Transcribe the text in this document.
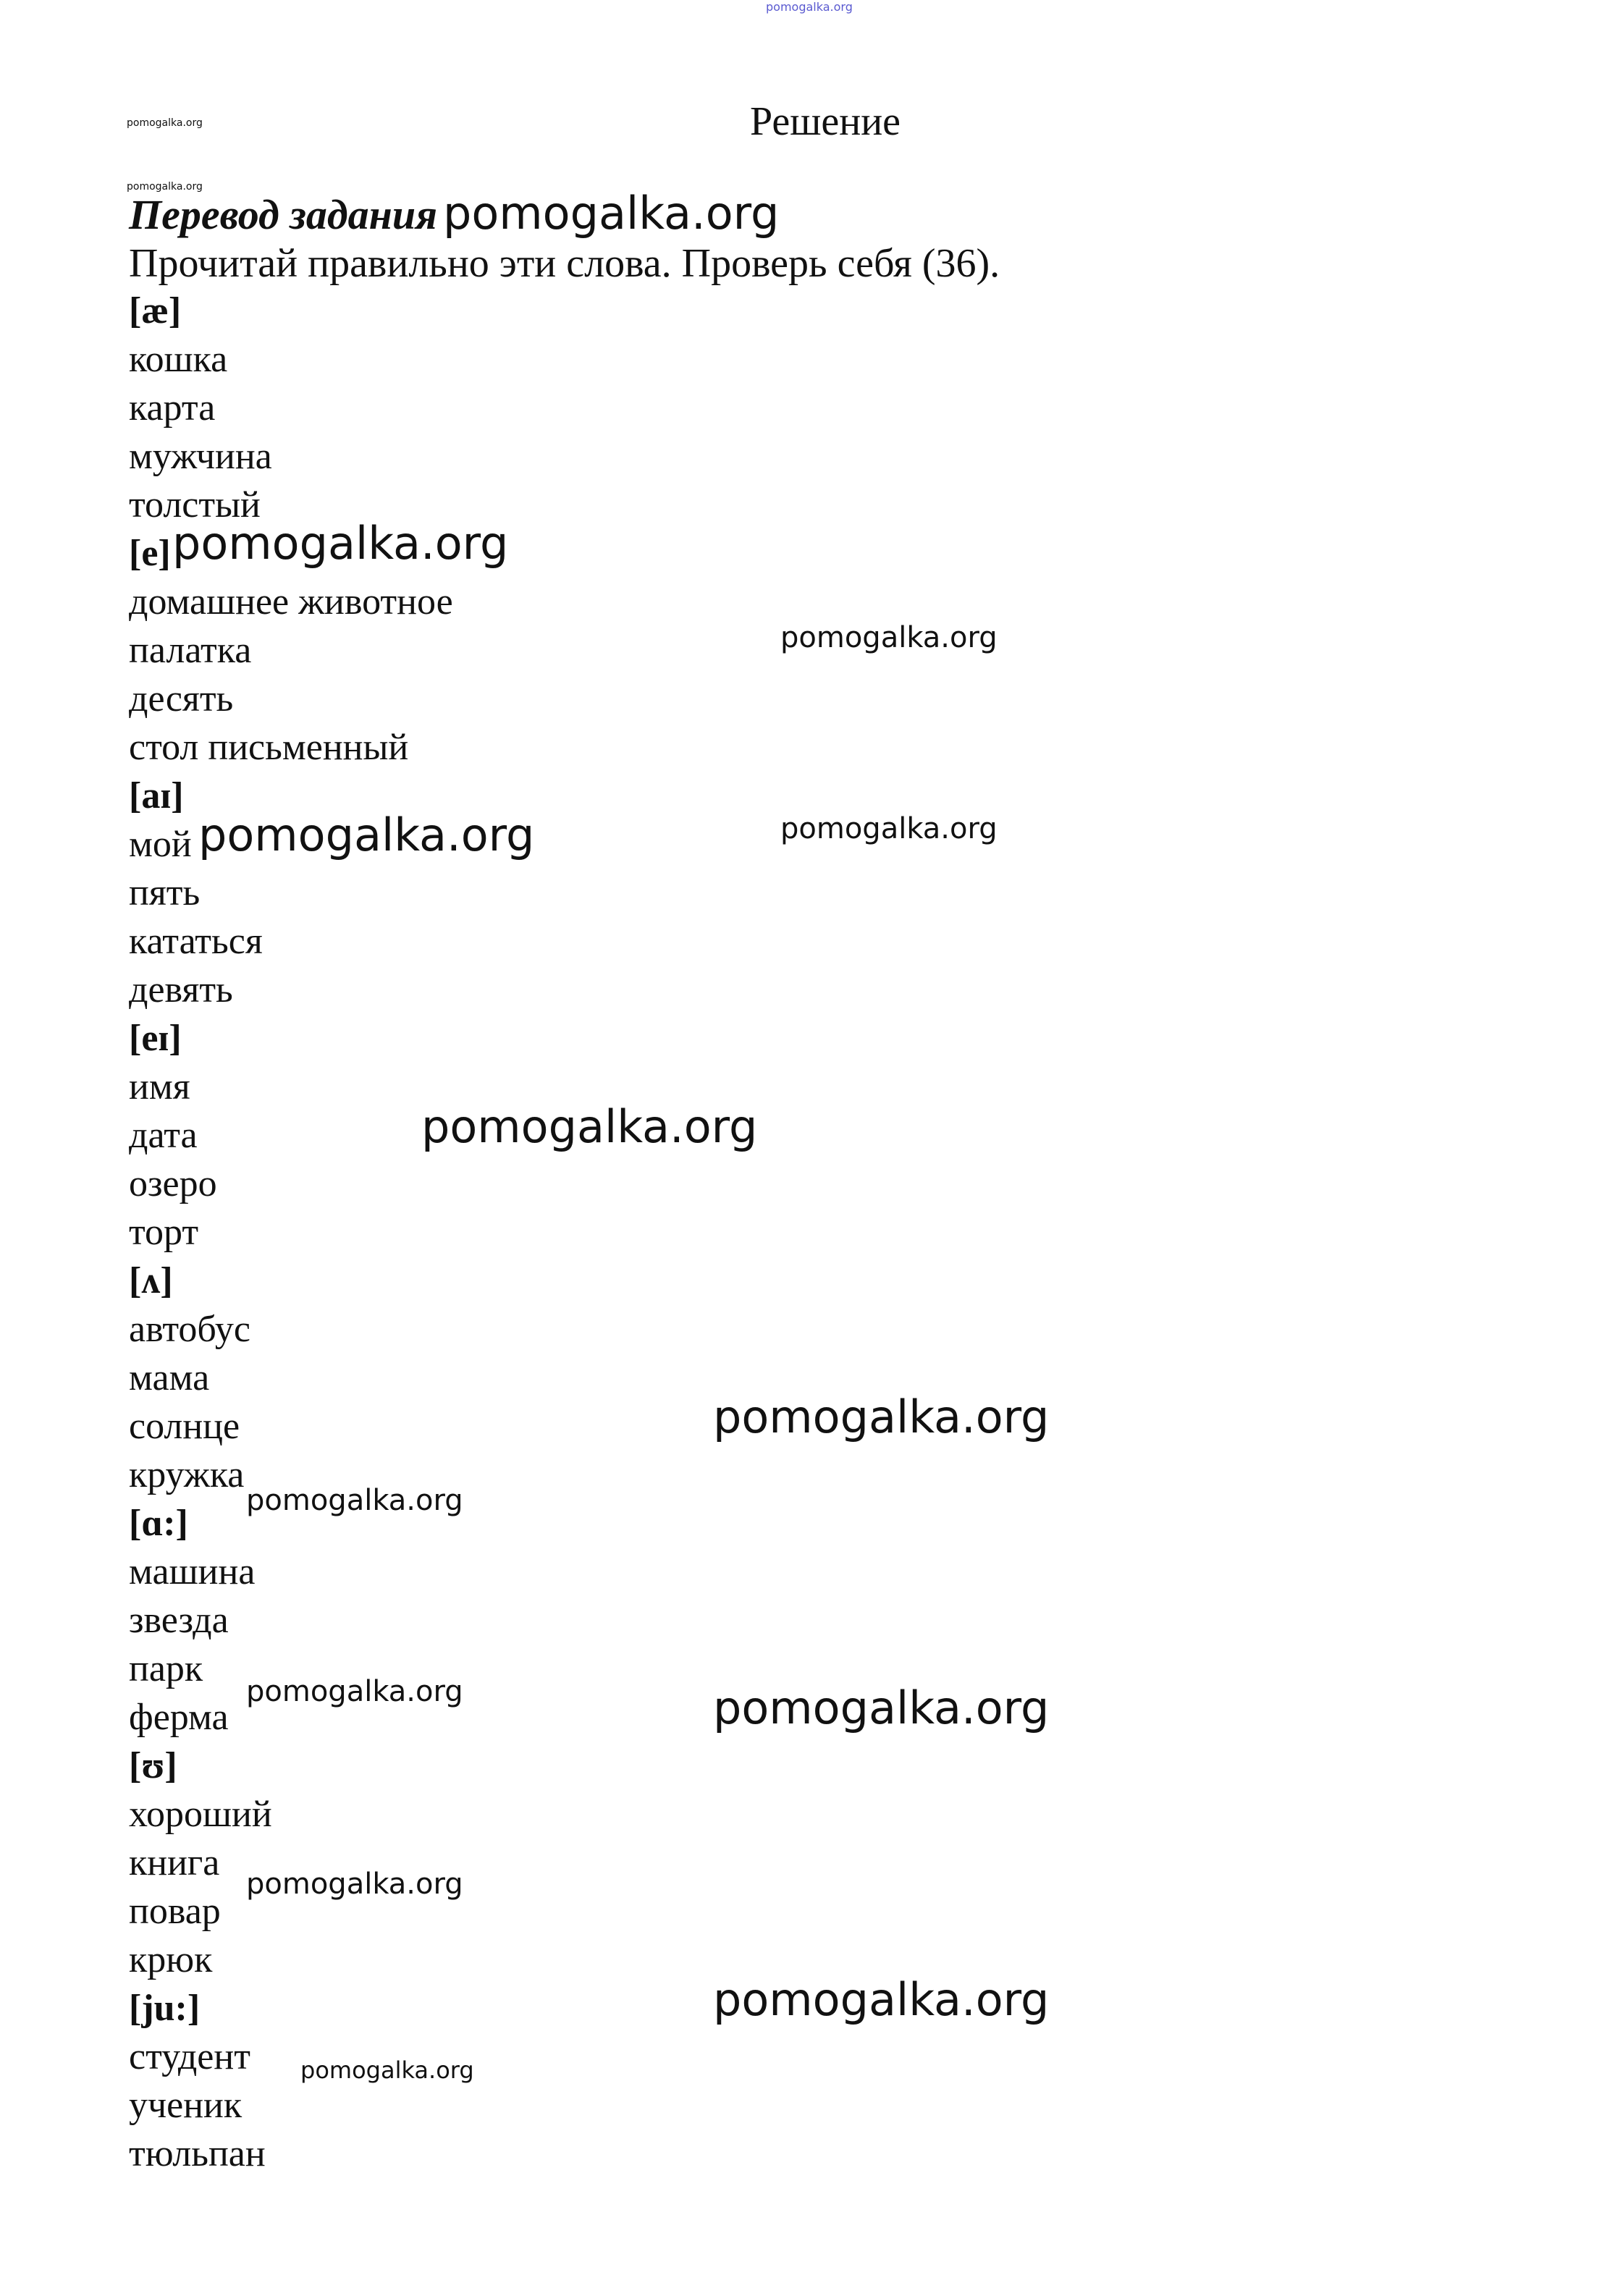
pomogalka.org
Решение
Перевод задания
Прочитай правильно эти слова. Проверь себя (36).
[æ]
кошка
карта
мужчина
толстый
[e]
домашнее животное
палатка
десять
стол письменный
[aɪ]
мой
пять
кататься
девять
[eɪ]
имя
дата
озеро
торт
[ʌ]
автобус
мама
солнце
кружка
[ɑ:]
машина
звезда
парк
ферма
[ʊ]
хороший
книга
повар
крюк
[ju:]
студент
ученик
тюльпан
pomogalka.org
pomogalka.org	pomogalka.org
pomogalka.org
pomogalka.org
pomogalka.org
pomogalka.org
pomogalka.org
pomogalka.org
pomogalka.org
pomogalka.org	pomogalka.org
pomogalka.org
pomogalka.org
pomogalka.org
